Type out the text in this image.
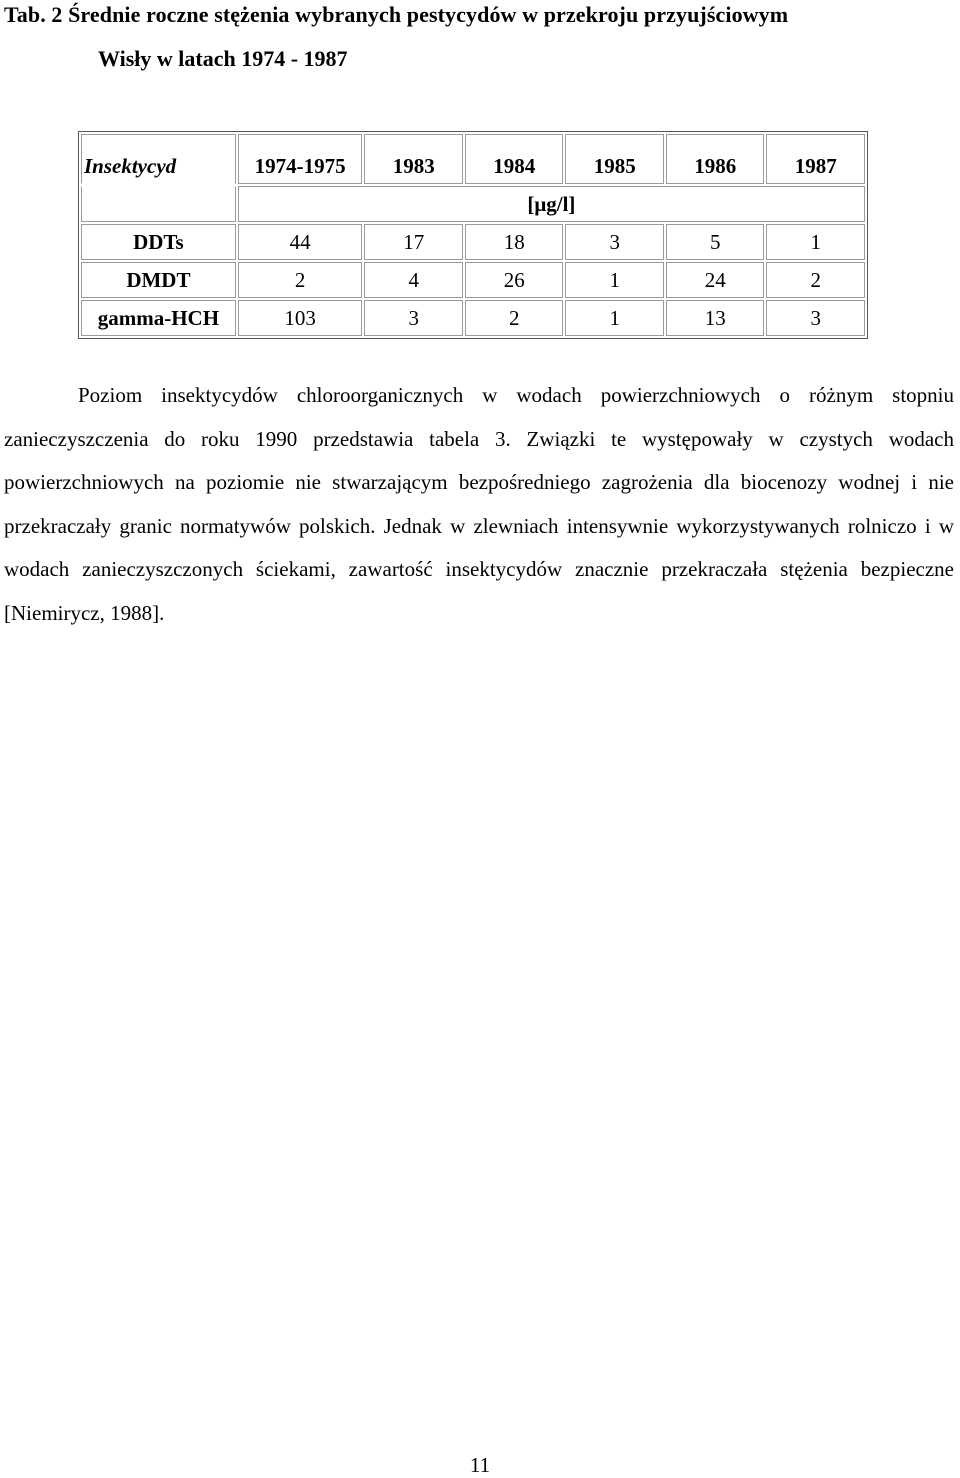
Tab. 2 Średnie roczne stężenia wybranych pestycydów w przekroju przyujściowym
Wisły w latach 1974 - 1987
Insektycyd	1974-1975	1983	1984	1985	1986	1987
	[μg/l]					
DDTs	44	17	18	3	5	1
DMDT	2	4	26	1	24	2
gamma-HCH	103	3	2	1	13	3

Poziom insektycydów chloroorganicznych w wodach powierzchniowych o różnym stopniu zanieczyszczenia do roku 1990 przedstawia tabela 3. Związki te występowały w czystych wodach powierzchniowych na poziomie nie stwarzającym bezpośredniego zagrożenia dla biocenozy wodnej i nie przekraczały granic normatywów polskich. Jednak w zlewniach intensywnie wykorzystywanych rolniczo i w wodach zanieczyszczonych ściekami, zawartość insektycydów znacznie przekraczała stężenia bezpieczne [Niemirycz, 1988].

11
